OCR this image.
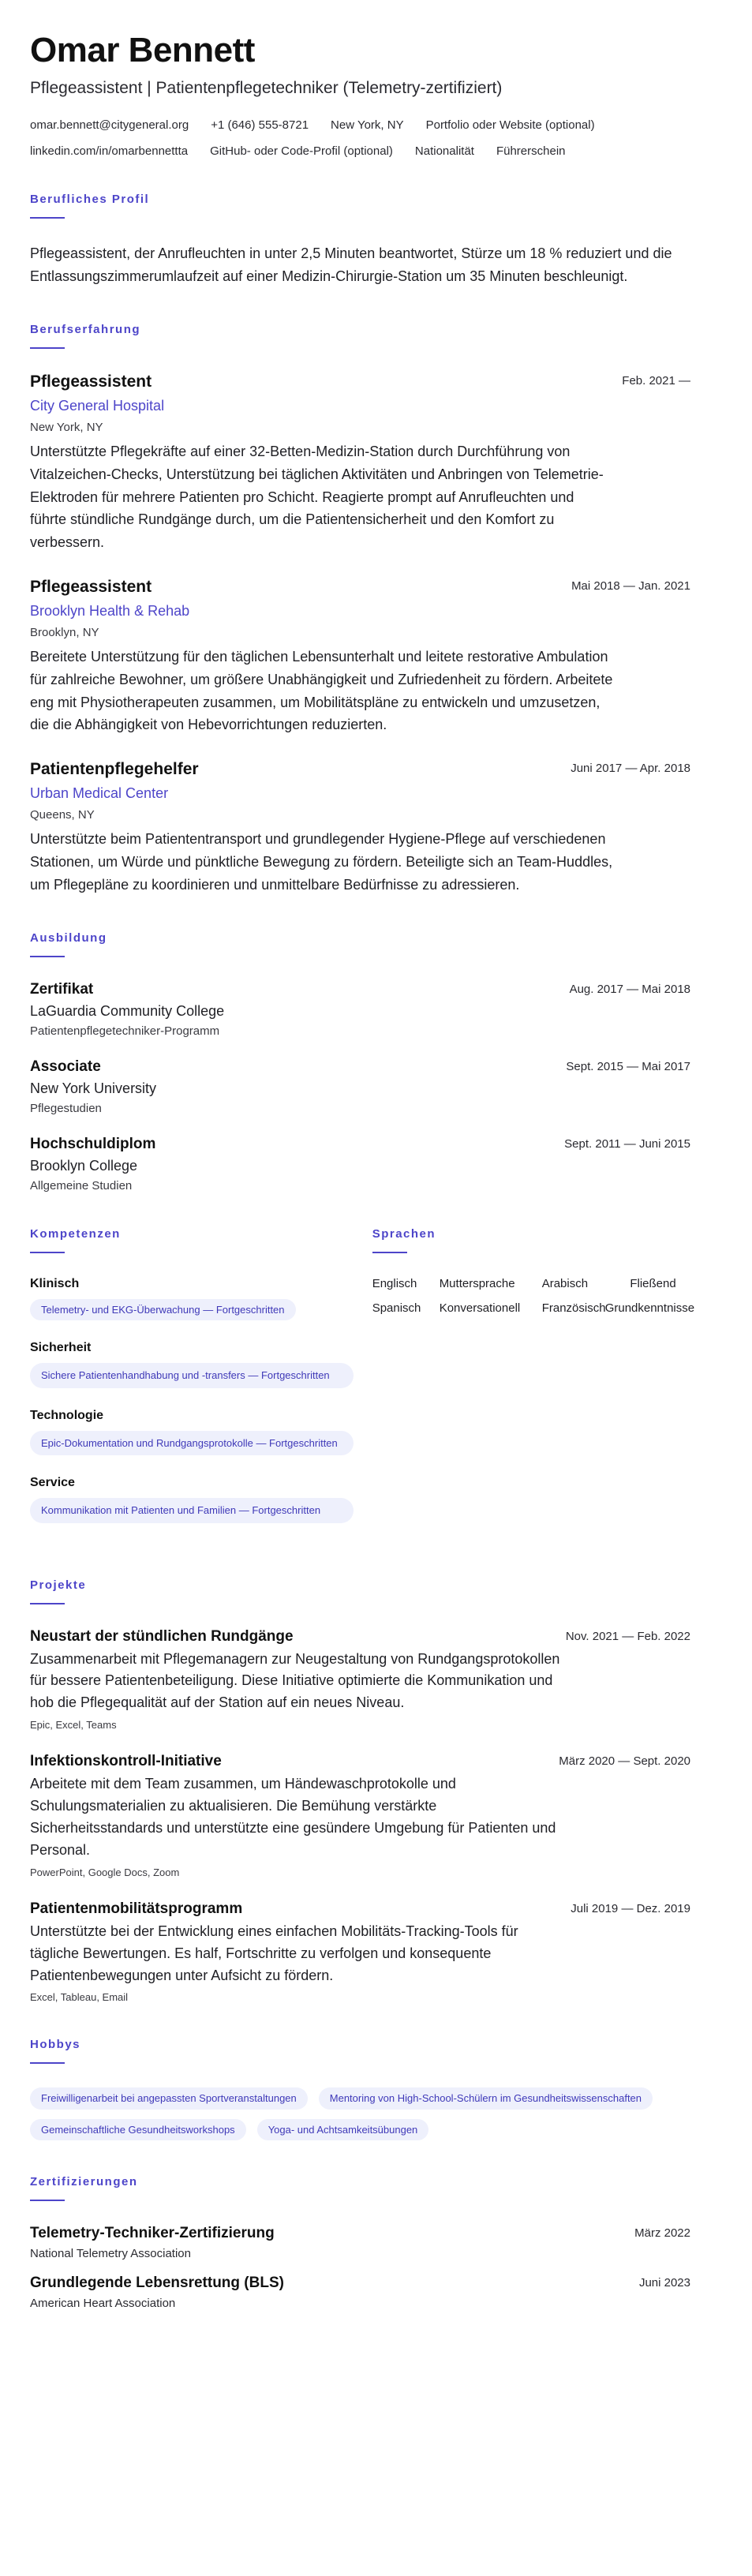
Omar Bennett
Pflegeassistent | Patientenpflegetechniker (Telemetry-zertifiziert)
omar.bennett@citygeneral.org +1 (646) 555-8721 New York, NY Portfolio oder Website (optional)
linkedin.com/in/omarbennettta GitHub- oder Code-Profil (optional) Nationalität Führerschein
Berufliches Profil

Pflegeassistent, der Anrufleuchten in unter 2,5 Minuten beantwortet, Stürze um 18 % reduziert und die Entlassungszimmerumlaufzeit auf einer Medizin-Chirurgie-Station um 35 Minuten beschleunigt.

Berufserfahrung
Feb. 2021 —
Pflegeassistent
City General Hospital
New York, NY

Unterstützte Pflegekräfte auf einer 32-Betten-Medizin-Station durch Durchführung von Vitalzeichen-Checks, Unterstützung bei täglichen Aktivitäten und Anbringen von Telemetrie-Elektroden für mehrere Patienten pro Schicht. Reagierte prompt auf Anrufleuchten und führte stündliche Rundgänge durch, um die Patientensicherheit und den Komfort zu verbessern.

Mai 2018 — Jan. 2021
Pflegeassistent
Brooklyn Health & Rehab
Brooklyn, NY

Bereitete Unterstützung für den täglichen Lebensunterhalt und leitete restorative Ambulation für zahlreiche Bewohner, um größere Unabhängigkeit und Zufriedenheit zu fördern. Arbeitete eng mit Physiotherapeuten zusammen, um Mobilitätspläne zu entwickeln und umzusetzen, die die Abhängigkeit von Hebevorrichtungen reduzierten.

Juni 2017 — Apr. 2018
Patientenpflegehelfer
Urban Medical Center
Queens, NY

Unterstützte beim Patiententransport und grundlegender Hygiene-Pflege auf verschiedenen Stationen, um Würde und pünktliche Bewegung zu fördern. Beteiligte sich an Team-Huddles, um Pflegepläne zu koordinieren und unmittelbare Bedürfnisse zu adressieren.

Ausbildung
Aug. 2017 — Mai 2018
Zertifikat
LaGuardia Community College
Patientenpflegetechniker-Programm
Sept. 2015 — Mai 2017
Associate
New York University
Pflegestudien
Sept. 2011 — Juni 2015
Hochschuldiplom
Brooklyn College
Allgemeine Studien
Kompetenzen
Klinisch
Telemetry- und EKG-Überwachung — Fortgeschritten
Sicherheit
Sichere Patientenhandhabung und -transfers — Fortgeschritten
Technologie
Epic-Dokumentation und Rundgangsprotokolle — Fortgeschritten
Service
Kommunikation mit Patienten und Familien — Fortgeschritten
Sprachen
Englisch	Muttersprache	Arabisch	Fließend
Spanisch	Konversationell	Französisch Grundkenntnisse
Projekte
Nov. 2021 — Feb. 2022
Neustart der stündlichen Rundgänge

Zusammenarbeit mit Pflegemanagern zur Neugestaltung von Rundgangsprotokollen für bessere Patientenbeteiligung. Diese Initiative optimierte die Kommunikation und hob die Pflegequalität auf der Station auf ein neues Niveau.

Epic, Excel, Teams
März 2020 — Sept. 2020
Infektionskontroll-Initiative

Arbeitete mit dem Team zusammen, um Händewaschprotokolle und Schulungsmaterialien zu aktualisieren. Die Bemühung verstärkte Sicherheitsstandards und unterstützte eine gesündere Umgebung für Patienten und Personal.

PowerPoint, Google Docs, Zoom
Juli 2019 — Dez. 2019
Patientenmobilitätsprogramm

Unterstützte bei der Entwicklung eines einfachen Mobilitäts-Tracking-Tools für tägliche Bewertungen. Es half, Fortschritte zu verfolgen und konsequente Patientenbewegungen unter Aufsicht zu fördern.

Excel, Tableau, Email
Hobbys
Freiwilligenarbeit bei angepassten Sportveranstaltungen	Mentoring von High-School-Schülern im Gesundheitswissenschaften
Gemeinschaftliche Gesundheitsworkshops	Yoga- und Achtsamkeitsübungen
Zertifizierungen
März 2022
Telemetry-Techniker-Zertifizierung
National Telemetry Association
Juni 2023
Grundlegende Lebensrettung (BLS)
American Heart Association
